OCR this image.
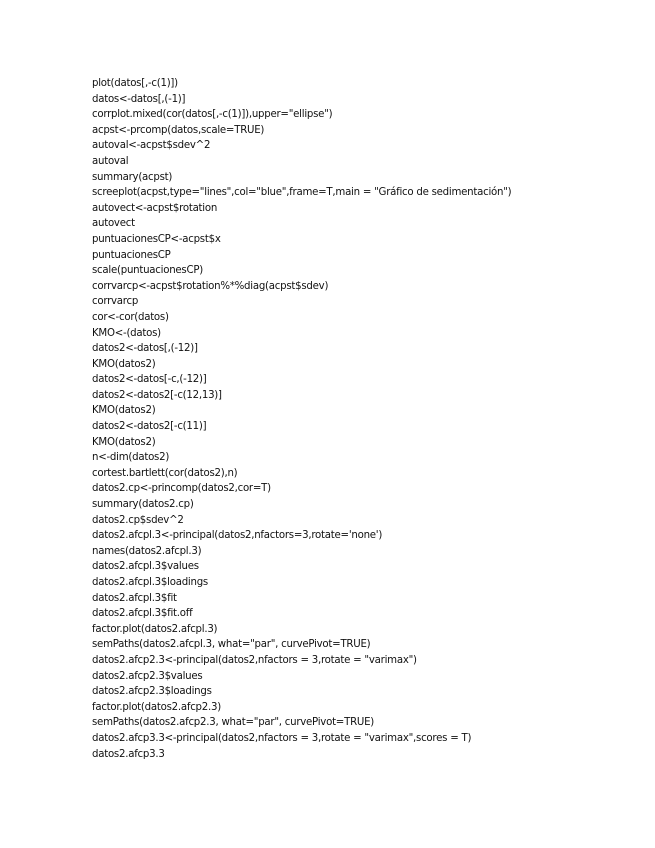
plot(datos[,-c(1)])
datos<-datos[,(-1)]
corrplot.mixed(cor(datos[,-c(1)]),upper="ellipse")
acpst<-prcomp(datos,scale=TRUE)
autoval<-acpst$sdev^2
autoval
summary(acpst)
screeplot(acpst,type="lines",col="blue",frame=T,main = "Gráfico de sedimentación")
autovect<-acpst$rotation
autovect
puntuacionesCP<-acpst$x
puntuacionesCP
scale(puntuacionesCP)
corrvarcp<-acpst$rotation%*%diag(acpst$sdev)
corrvarcp
cor<-cor(datos)
KMO<-(datos)
datos2<-datos[,(-12)]
KMO(datos2)
datos2<-datos[-c,(-12)]
datos2<-datos2[-c(12,13)]
KMO(datos2)
datos2<-datos2[-c(11)]
KMO(datos2)
n<-dim(datos2)
cortest.bartlett(cor(datos2),n)
datos2.cp<-princomp(datos2,cor=T)
summary(datos2.cp)
datos2.cp$sdev^2
datos2.afcpl.3<-principal(datos2,nfactors=3,rotate='none')
names(datos2.afcpl.3)
datos2.afcpl.3$values
datos2.afcpl.3$loadings
datos2.afcpl.3$fit
datos2.afcpl.3$fit.off
factor.plot(datos2.afcpl.3)
semPaths(datos2.afcpl.3, what="par", curvePivot=TRUE)
datos2.afcp2.3<-principal(datos2,nfactors = 3,rotate = "varimax")
datos2.afcp2.3$values
datos2.afcp2.3$loadings
factor.plot(datos2.afcp2.3)
semPaths(datos2.afcp2.3, what="par", curvePivot=TRUE)
datos2.afcp3.3<-principal(datos2,nfactors = 3,rotate = "varimax",scores = T)
datos2.afcp3.3
